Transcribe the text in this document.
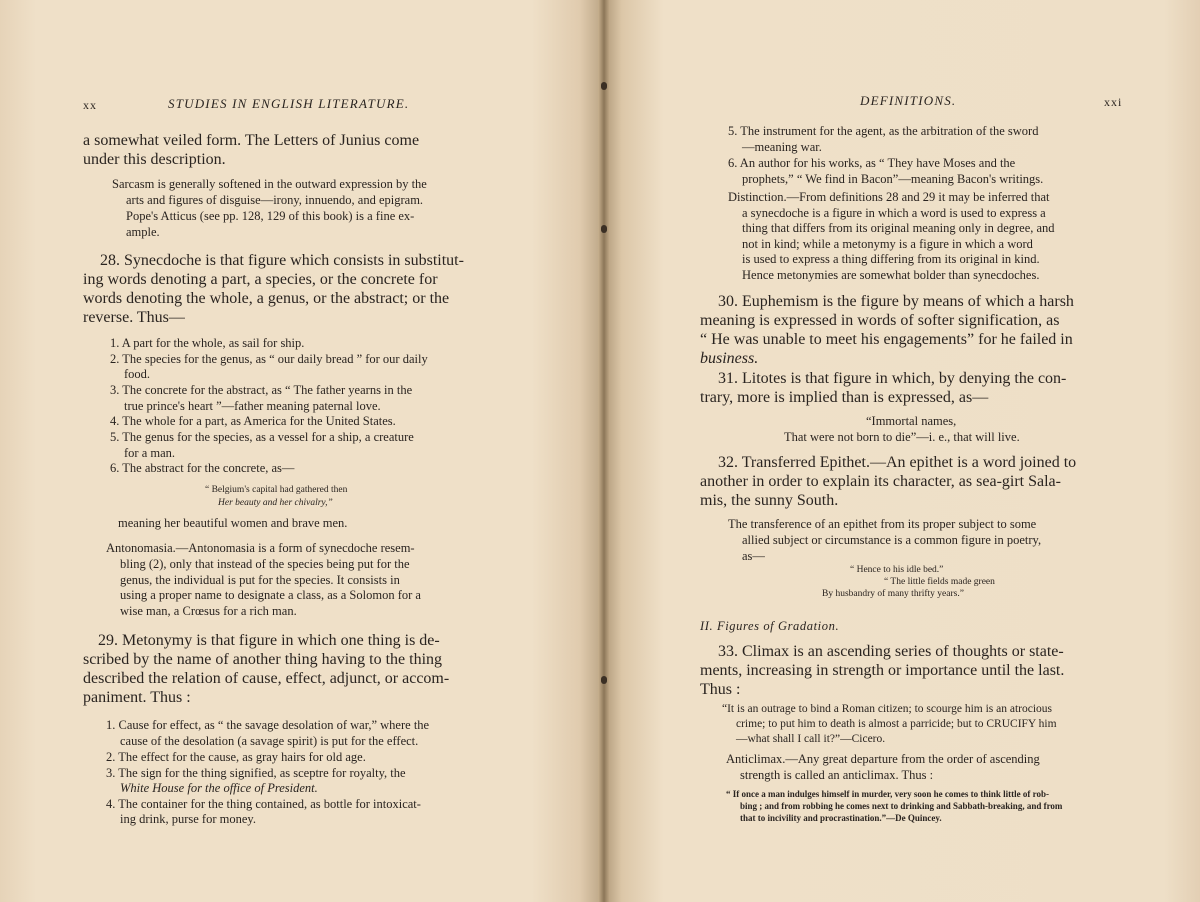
xx	STUDIES IN ENGLISH LITERATURE.
a somewhat veiled form. The Letters of Junius come
under this description.
Sarcasm is generally softened in the outward expression by the
arts and figures of disguise—irony, innuendo, and epigram.
Pope's Atticus (see pp. 128, 129 of this book) is a fine ex-
ample.
28. Synecdoche is that figure which consists in substitut-
ing words denoting a part, a species, or the concrete for
words denoting the whole, a genus, or the abstract; or the
reverse. Thus—
1. A part for the whole, as sail for ship.
2. The species for the genus, as “ our daily bread ” for our daily
food.
3. The concrete for the abstract, as “ The father yearns in the
true prince's heart ”—father meaning paternal love.
4. The whole for a part, as America for the United States.
5. The genus for the species, as a vessel for a ship, a creature
for a man.
6. The abstract for the concrete, as—
“ Belgium's capital had gathered then
Her beauty and her chivalry,”
meaning her beautiful women and brave men.
Antonomasia.—Antonomasia is a form of synecdoche resem-
bling (2), only that instead of the species being put for the
genus, the individual is put for the species. It consists in
using a proper name to designate a class, as a Solomon for a
wise man, a Crœsus for a rich man.
29. Metonymy is that figure in which one thing is de-
scribed by the name of another thing having to the thing
described the relation of cause, effect, adjunct, or accom-
paniment. Thus :
1. Cause for effect, as “ the savage desolation of war,” where the
cause of the desolation (a savage spirit) is put for the effect.
2. The effect for the cause, as gray hairs for old age.
3. The sign for the thing signified, as sceptre for royalty, the
White House for the office of President.
4. The container for the thing contained, as bottle for intoxicat-
ing drink, purse for money.
DEFINITIONS.	xxi
5. The instrument for the agent, as the arbitration of the sword
—meaning war.
6. An author for his works, as “ They have Moses and the
prophets,” “ We find in Bacon”—meaning Bacon's writings.
Distinction.—From definitions 28 and 29 it may be inferred that
a synecdoche is a figure in which a word is used to express a
thing that differs from its original meaning only in degree, and
not in kind; while a metonymy is a figure in which a word
is used to express a thing differing from its original in kind.
Hence metonymies are somewhat bolder than synecdoches.
30. Euphemism is the figure by means of which a harsh
meaning is expressed in words of softer signification, as
“ He was unable to meet his engagements” for he failed in
business.
31. Litotes is that figure in which, by denying the con-
trary, more is implied than is expressed, as—
“Immortal names,
That were not born to die”—i. e., that will live.
32. Transferred Epithet.—An epithet is a word joined to
another in order to explain its character, as sea-girt Sala-
mis, the sunny South.
The transference of an epithet from its proper subject to some
allied subject or circumstance is a common figure in poetry,
as—
“ Hence to his idle bed.”
“ The little fields made green
By husbandry of many thrifty years.”
II. Figures of Gradation.
33. Climax is an ascending series of thoughts or state-
ments, increasing in strength or importance until the last.
Thus :
“It is an outrage to bind a Roman citizen; to scourge him is an atrocious
crime; to put him to death is almost a parricide; but to CRUCIFY him
—what shall I call it?”—Cicero.
Anticlimax.—Any great departure from the order of ascending
strength is called an anticlimax. Thus :
“ If once a man indulges himself in murder, very soon he comes to think little of rob-
bing ; and from robbing he comes next to drinking and Sabbath-breaking, and from
that to incivility and procrastination.”—De Quincey.
